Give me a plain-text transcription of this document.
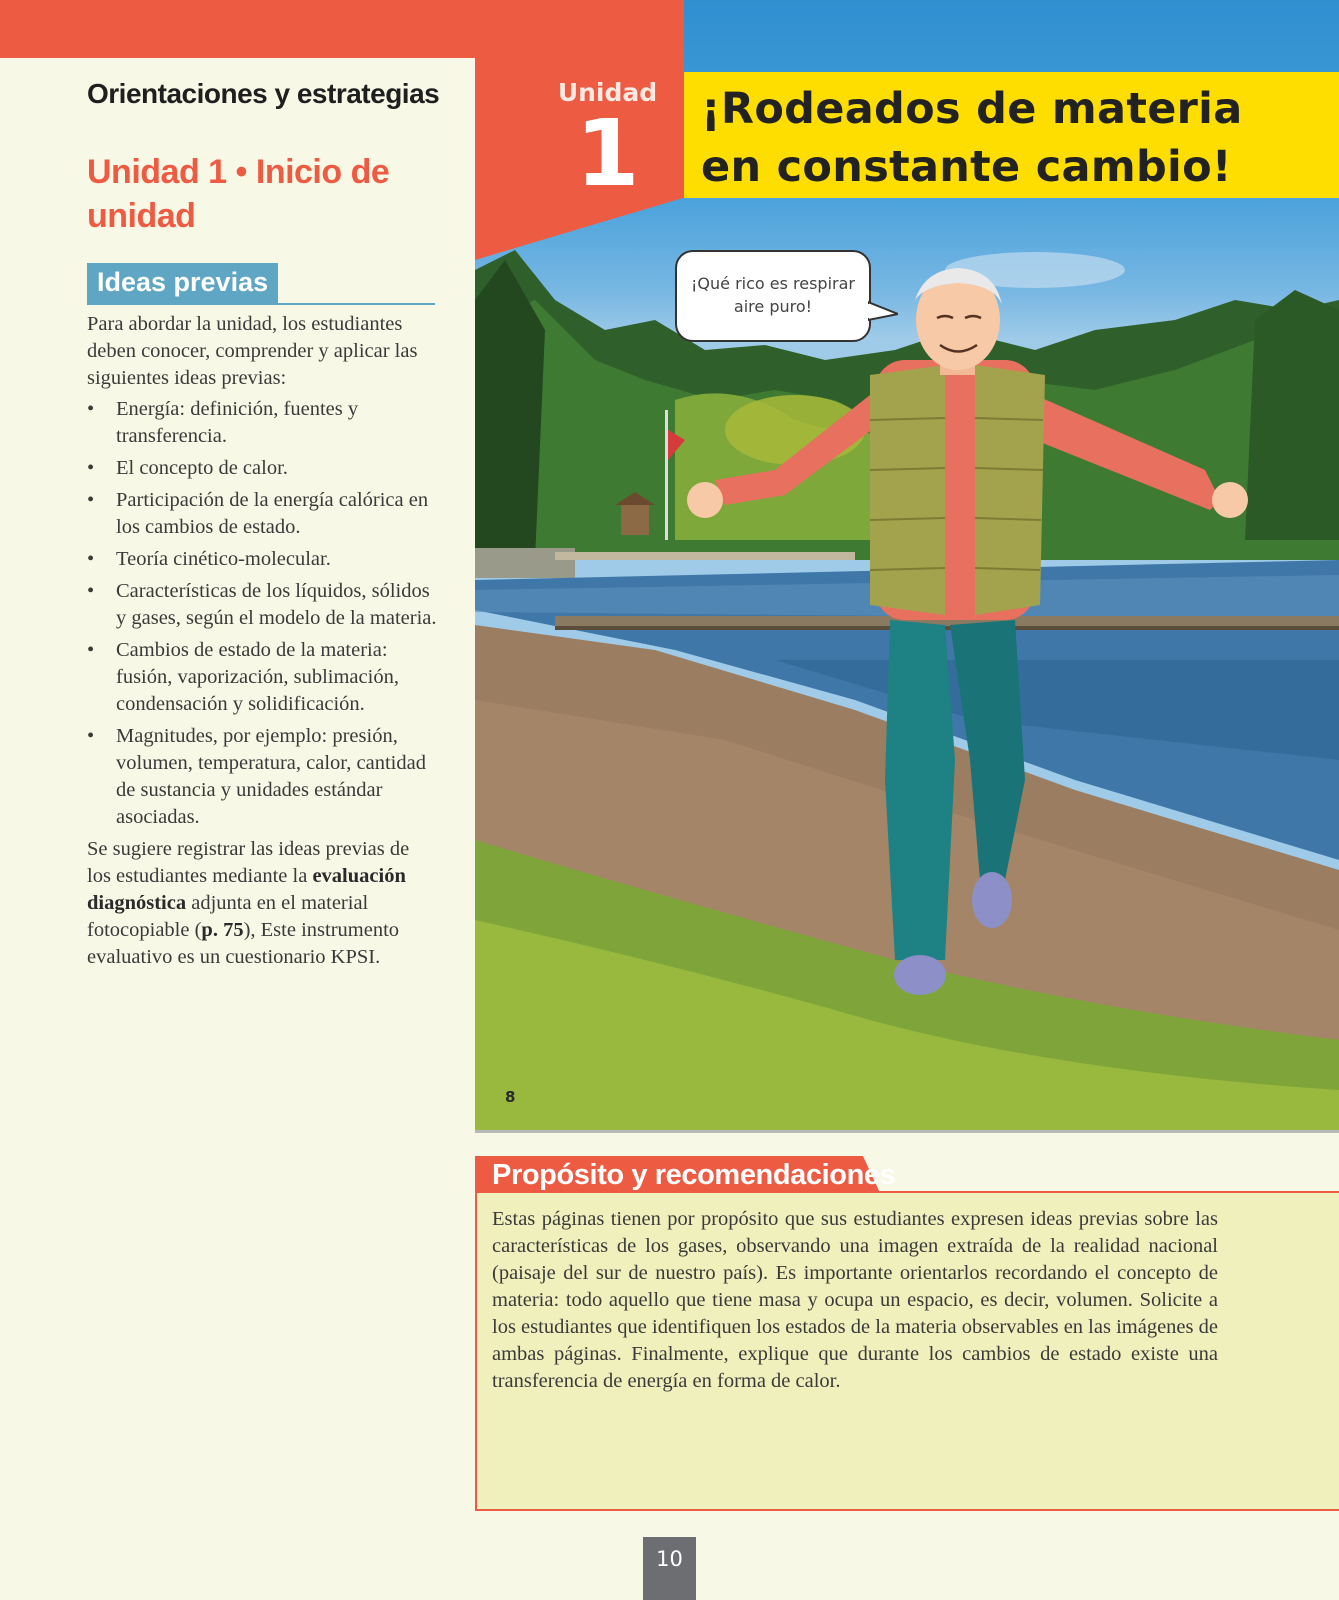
Orientaciones y estrategias
Unidad 1 • Inicio de unidad
Ideas previas

Para abordar la unidad, los estudiantes deben conocer, comprender y aplicar las siguientes ideas previas:

• Energía: definición, fuentes y transferencia.
• El concepto de calor.
• Participación de la energía calórica en los cambios de estado.
• Teoría cinético-molecular.
• Características de los líquidos, sólidos y gases, según el modelo de la materia.
• Cambios de estado de la materia: fusión, vaporización, sublimación, condensación y solidificación.
• Magnitudes, por ejemplo: presión, volumen, temperatura, calor, cantidad de sustancia y unidades estándar asociadas.

Se sugiere registrar las ideas previas de los estudiantes mediante la evaluación diagnóstica adjunta en el material fotocopiable (p. 75), Este instrumento evaluativo es un cuestionario KPSI.

Unidad
1	¡Rodeados de materia
en constante cambio!
¡Qué rico es respirar
aire puro!
8
Propósito y recomendaciones

Estas páginas tienen por propósito que sus estudiantes expresen ideas previas sobre las características de los gases, observando una imagen extraída de la realidad nacional (paisaje del sur de nuestro país). Es importante orientarlos recordando el concepto de materia: todo aquello que tiene masa y ocupa un espacio, es decir, volumen. Solicite a los estudiantes que identifiquen los estados de la materia observables en las imágenes de ambas páginas. Finalmente, explique que durante los cambios de estado existe una transferencia de energía en forma de calor.

10
